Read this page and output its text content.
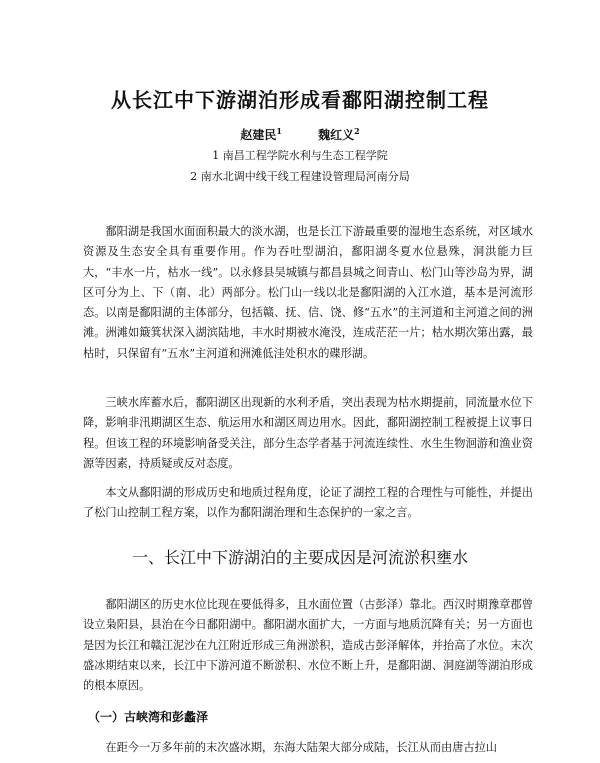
从长江中下游湖泊形成看鄱阳湖控制工程
赵建民$^1$	魏红义$^2$
1 南昌工程学院水利与生态工程学院
2 南水北调中线干线工程建设管理局河南分局

鄱阳湖是我国水面面积最大的淡水湖，也是长江下游最重要的湿地生态系统，对区域水资源及生态安全具有重要作用。作为吞吐型湖泊，鄱阳湖冬夏水位悬殊，洞洪能力巨大，“丰水一片，枯水一线”。以永修县吴城镇与都昌县城之间青山、松门山等沙岛为界，湖区可分为上、下（南、北）两部分。松门山一线以北是鄱阳湖的入江水道，基本是河流形态。以南是鄱阳湖的主体部分，包括赣、抚、信、饶、修“五水”的主河道和主河道之间的洲滩。洲滩如簸箕状深入湖滨陆地，丰水时期被水淹没，连成茫茫一片；枯水期次第出露，最枯时，只保留有“五水”主河道和洲滩低洼处积水的碟形湖。

三峡水库蓄水后，鄱阳湖区出现新的水利矛盾，突出表现为枯水期提前，同流量水位下降，影响非汛期湖区生态、航运用水和湖区周边用水。因此，鄱阳湖控制工程被提上议事日程。但该工程的环境影响备受关注，部分生态学者基于河流连续性、水生生物洄游和渔业资源等因素，持质疑或反对态度。

本文从鄱阳湖的形成历史和地质过程角度，论证了湖控工程的合理性与可能性，并提出了松门山控制工程方案，以作为鄱阳湖治理和生态保护的一家之言。

一、长江中下游湖泊的主要成因是河流淤积壅水

鄱阳湖区的历史水位比现在要低得多，且水面位置（古彭泽）靠北。西汉时期豫章郡曾设立枭阳县，县治在今日鄱阳湖中。鄱阳湖水面扩大，一方面与地质沉降有关；另一方面也是因为长江和赣江泥沙在九江附近形成三角洲淤积，造成古彭泽解体，并抬高了水位。末次盛冰期结束以来，长江中下游河道不断淤积、水位不断上升，是鄱阳湖、洞庭湖等湖泊形成的根本原因。

（一）古峡湾和彭蠡泽

在距今一万多年前的末次盛冰期，东海大陆架大部分成陆，长江从而由唐古拉山
